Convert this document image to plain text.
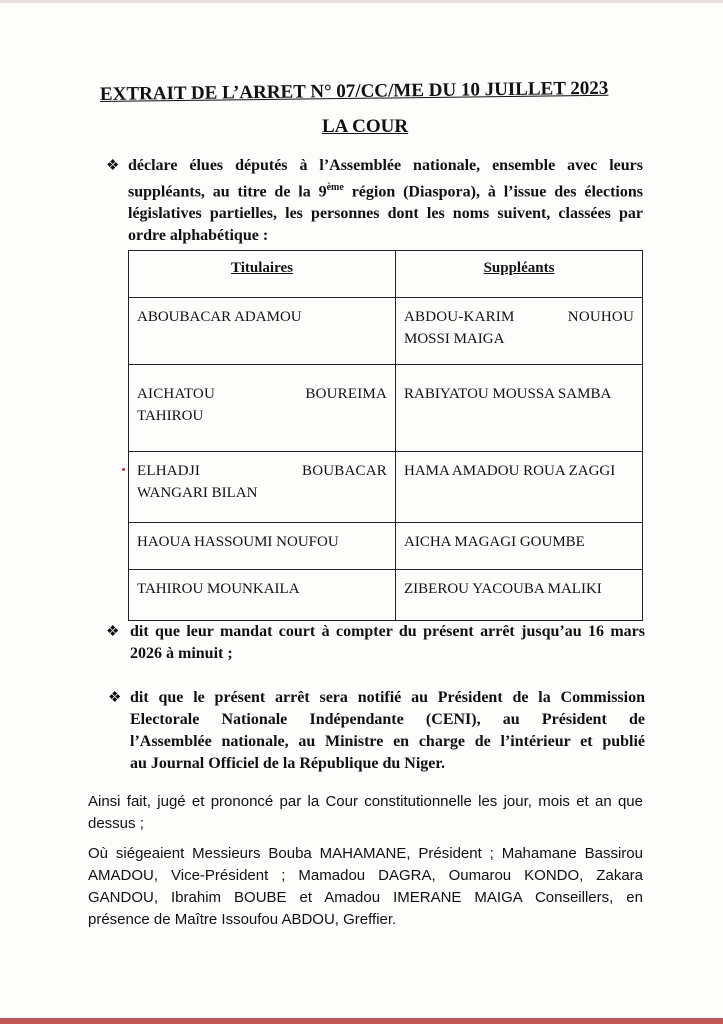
EXTRAIT DE L’ARRET N° 07/CC/ME DU 10 JUILLET 2023
LA COUR
❖ déclare élues députés à l’Assemblée nationale, ensemble avec leurs
suppléants, au titre de la 9ème région (Diaspora), à l’issue des élections
législatives partielles, les personnes dont les noms suivent, classées par
ordre alphabétique :
Titulaires	Suppléants

ABOUBACAR ADAMOU	ABDOU-KARIM NOUHOU
MOSSI MAIGA

AICHATOU BOUREIMA
TAHIROU	RABIYATOU MOUSSA SAMBA

ELHADJI BOUBACAR
WANGARI BILAN	HAMA AMADOU ROUA ZAGGI

HAOUA HASSOUMI NOUFOU	AICHA MAGAGI GOUMBE

TAHIROU MOUNKAILA	ZIBEROU YACOUBA MALIKI
❖ dit que leur mandat court à compter du présent arrêt jusqu’au 16 mars
2026 à minuit ;
❖ dit que le présent arrêt sera notifié au Président de la Commission
Electorale Nationale Indépendante (CENI), au Président de
l’Assemblée nationale, au Ministre en charge de l’intérieur et publié
au Journal Officiel de la République du Niger.
Ainsi fait, jugé et prononcé par la Cour constitutionnelle les jour, mois et an que
dessus ;
Où siégeaient Messieurs Bouba MAHAMANE, Président ; Mahamane Bassirou
AMADOU, Vice-Président ; Mamadou DAGRA, Oumarou KONDO, Zakara
GANDOU, Ibrahim BOUBE et Amadou IMERANE MAIGA Conseillers, en
présence de Maître Issoufou ABDOU, Greffier.
